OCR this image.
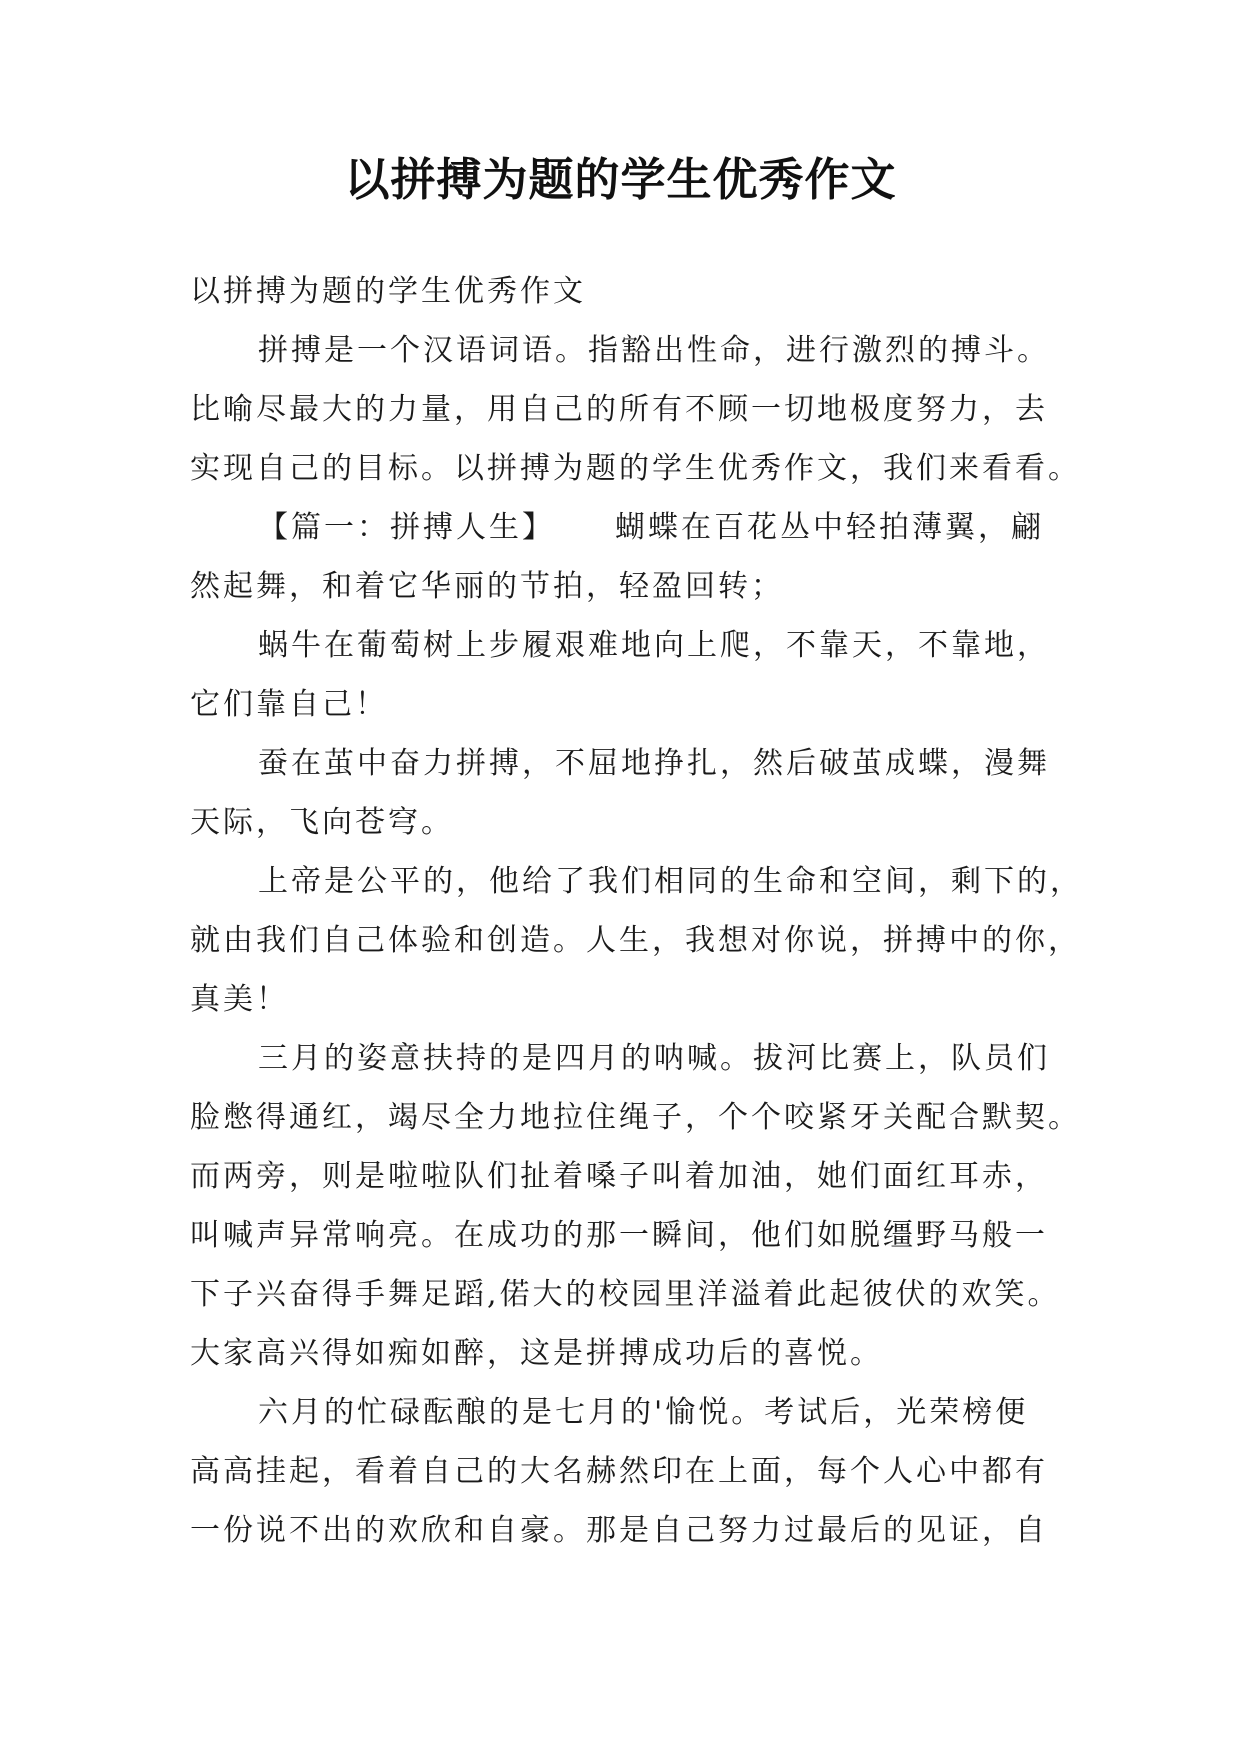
以拼搏为题的学生优秀作文

以拼搏为题的学生优秀作文

拼搏是一个汉语词语。指豁出性命，进行激烈的搏斗。

比喻尽最大的力量，用自己的所有不顾一切地极度努力，去

实现自己的目标。以拼搏为题的学生优秀作文，我们来看看。

【篇一：拼搏人生】 蝴蝶在百花丛中轻拍薄翼，翩

然起舞，和着它华丽的节拍，轻盈回转；

蜗牛在葡萄树上步履艰难地向上爬，不靠天，不靠地，

它们靠自己！

蚕在茧中奋力拼搏，不屈地挣扎，然后破茧成蝶，漫舞

天际，飞向苍穹。

上帝是公平的，他给了我们相同的生命和空间，剩下的，

就由我们自己体验和创造。人生，我想对你说，拼搏中的你，

真美！

三月的姿意扶持的是四月的呐喊。拔河比赛上，队员们

脸憋得通红，竭尽全力地拉住绳子，个个咬紧牙关配合默契。

而两旁，则是啦啦队们扯着嗓子叫着加油，她们面红耳赤，

叫喊声异常响亮。在成功的那一瞬间，他们如脱缰野马般一

下子兴奋得手舞足蹈,偌大的校园里洋溢着此起彼伏的欢笑。

大家高兴得如痴如醉，这是拼搏成功后的喜悦。

六月的忙碌酝酿的是七月的'愉悦。考试后，光荣榜便

高高挂起，看着自己的大名赫然印在上面，每个人心中都有

一份说不出的欢欣和自豪。那是自己努力过最后的见证，自
